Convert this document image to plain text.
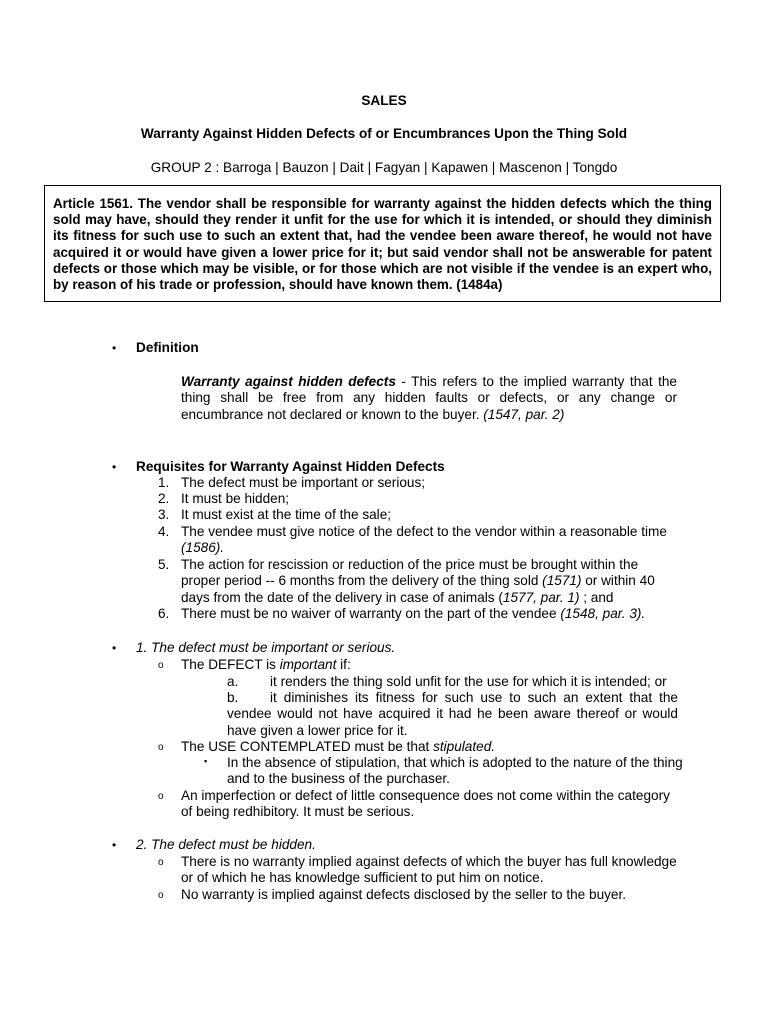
SALES
Warranty Against Hidden Defects of or Encumbrances Upon the Thing Sold
GROUP 2 : Barroga | Bauzon | Dait | Fagyan | Kapawen | Mascenon | Tongdo
Article 1561. The vendor shall be responsible for warranty against the hidden defects which the thing sold may have, should they render it unfit for the use for which it is intended, or should they diminish its fitness for such use to such an extent that, had the vendee been aware thereof, he would not have acquired it or would have given a lower price for it; but said vendor shall not be answerable for patent defects or those which may be visible, or for those which are not visible if the vendee is an expert who, by reason of his trade or profession, should have known them. (1484a)
• Definition
Warranty against hidden defects - This refers to the implied warranty that the thing shall be free from any hidden faults or defects, or any change or encumbrance not declared or known to the buyer. (1547, par. 2)
• Requisites for Warranty Against Hidden Defects
1. The defect must be important or serious;
2. It must be hidden;
3. It must exist at the time of the sale;
4. The vendee must give notice of the defect to the vendor within a reasonable time
(1586).
5. The action for rescission or reduction of the price must be brought within the proper period -- 6 months from the delivery of the thing sold (1571) or within 40 days from the date of the delivery in case of animals (1577, par. 1) ; and
6. There must be no waiver of warranty on the part of the vendee (1548, par. 3).
• 1. The defect must be important or serious.
o The DEFECT is important if:
a. it renders the thing sold unfit for the use for which it is intended; or
b.	it diminishes its fitness for such use to such an extent that the vendee would not have acquired it had he been aware thereof or would have given a lower price for it.
o The USE CONTEMPLATED must be that stipulated.
▪ In the absence of stipulation, that which is adopted to the nature of the thing and to the business of the purchaser.
o An imperfection or defect of little consequence does not come within the category of being redhibitory. It must be serious.
• 2. The defect must be hidden.
o There is no warranty implied against defects of which the buyer has full knowledge or of which he has knowledge sufficient to put him on notice.
o No warranty is implied against defects disclosed by the seller to the buyer.
